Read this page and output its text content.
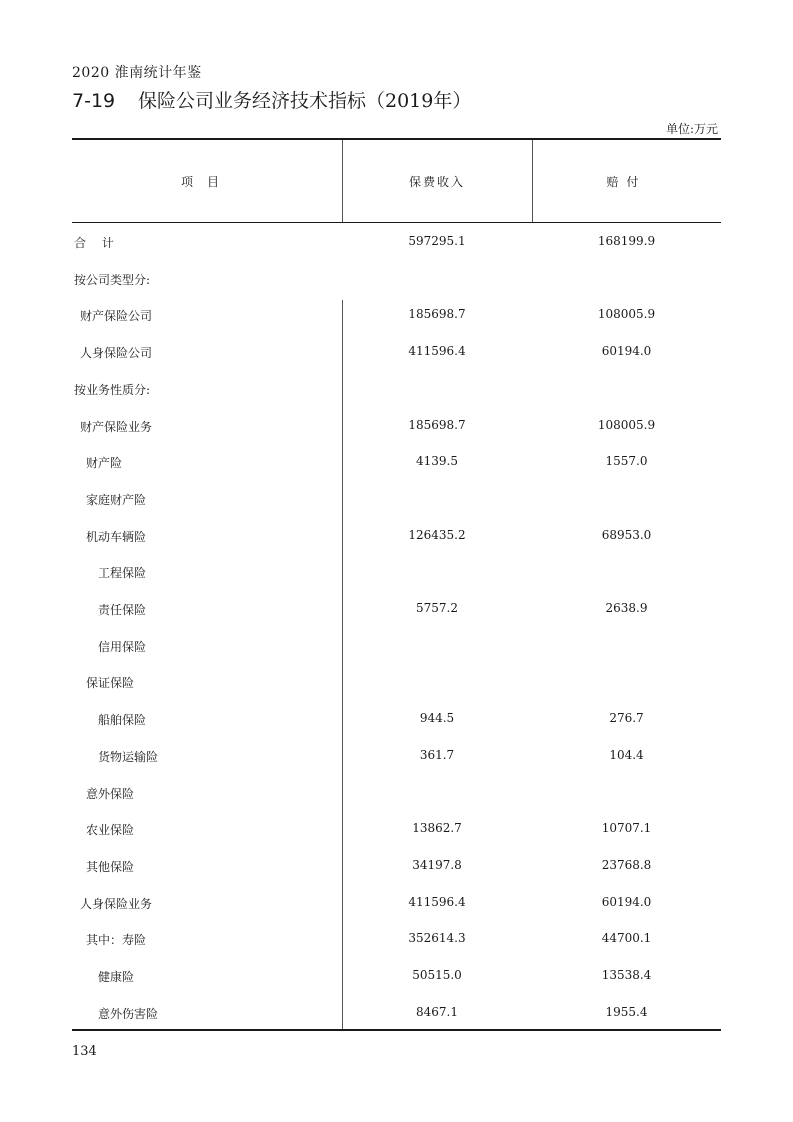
2020 淮南统计年鉴
7-19 保险公司业务经济技术指标（2019年）
单位:万元
项目	保费收入	赔付
合 计	597295.1	168199.9
按公司类型分:
财产保险公司	185698.7	108005.9
人身保险公司	411596.4	60194.0
按业务性质分:
财产保险业务	185698.7	108005.9
财产险	4139.5	1557.0
家庭财产险
机动车辆险	126435.2	68953.0
工程保险
责任保险	5757.2	2638.9
信用保险
保证保险
船舶保险	944.5	276.7
货物运输险	361.7	104.4
意外保险
农业保险	13862.7	10707.1
其他保险	34197.8	23768.8
人身保险业务	411596.4	60194.0
其中：寿险	352614.3	44700.1
健康险	50515.0	13538.4
意外伤害险	8467.1	1955.4
134
